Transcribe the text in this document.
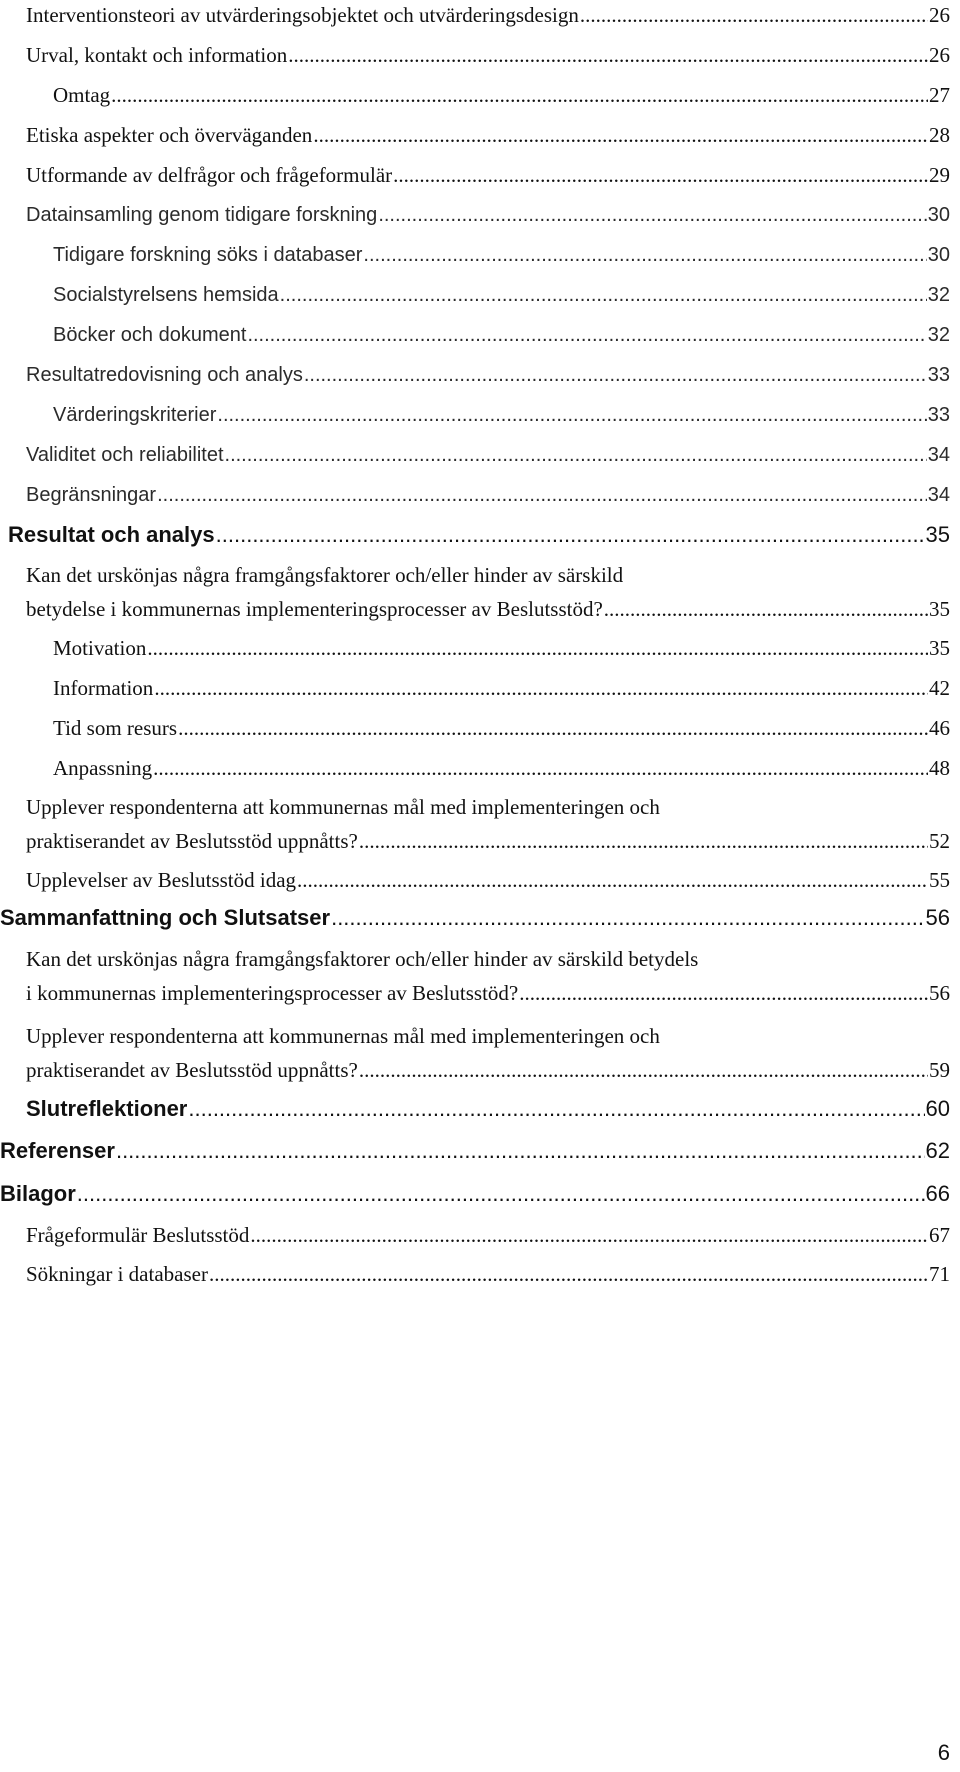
Interventionsteori av utvärderingsobjektet och utvärderingsdesign .....	26
Urval, kontakt och information .....	26
Omtag .....	27
Etiska aspekter och överväganden .....	28
Utformande av delfrågor och frågeformulär .....	29
Datainsamling genom tidigare forskning .....	30
Tidigare forskning söks i databaser .....	30
Socialstyrelsens hemsida .....	32
Böcker och dokument .....	32
Resultatredovisning och analys .....	33
Värderingskriterier .....	33
Validitet och reliabilitet .....	34
Begränsningar .....	34
Resultat och analys .....	35
Kan det urskönjas några framgångsfaktorer och/eller hinder av särskild
betydelse i kommunernas implementeringsprocesser av Beslutsstöd? .....	35
Motivation .....	35
Information .....	42
Tid som resurs .....	46
Anpassning .....	48
Upplever respondenterna att kommunernas mål med implementeringen och
praktiserandet av Beslutsstöd uppnåtts? .....	52
Upplevelser av Beslutsstöd idag .....	55
Sammanfattning och Slutsatser .....	56
Kan det urskönjas några framgångsfaktorer och/eller hinder av särskild betydels
i kommunernas implementeringsprocesser av Beslutsstöd? .....	56
Upplever respondenterna att kommunernas mål med implementeringen och
praktiserandet av Beslutsstöd uppnåtts? .....	59
Slutreflektioner .....	60
Referenser .....	62
Bilagor .....	66
Frågeformulär Beslutsstöd .....	67
Sökningar i databaser .....	71
6
